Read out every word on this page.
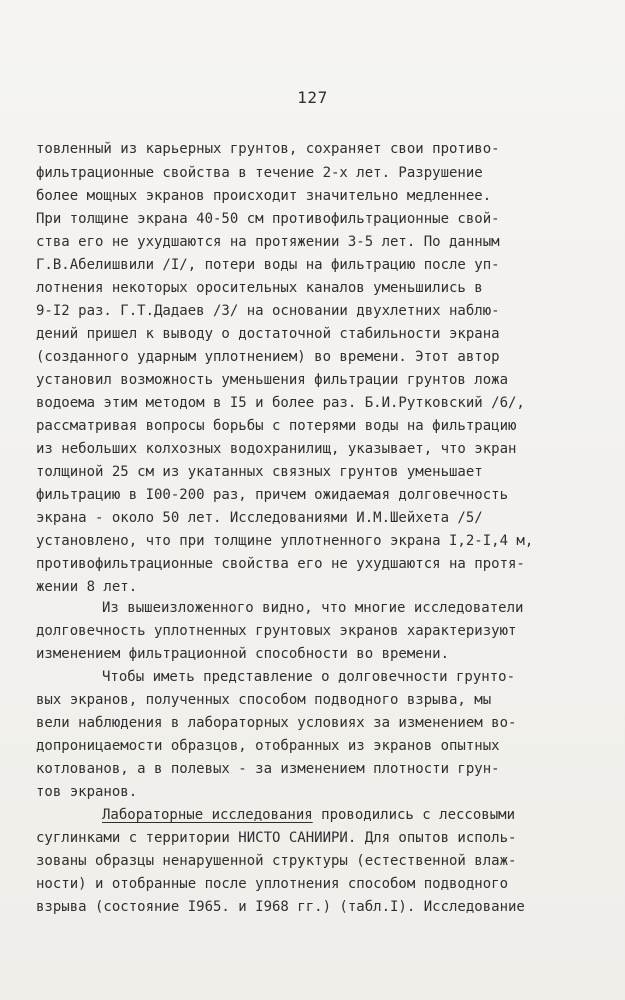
127
товленный из карьерных грунтов, сохраняет свои противо-
фильтрационные свойства в течение 2-х лет. Разрушение
более мощных экранов происходит значительно медленнее.
При толщине экрана 40-50 см противофильтрационные свой-
ства его не ухудшаются на протяжении 3-5 лет. По данным
Г.В.Абелишвили /I/, потери воды на фильтрацию после уп-
лотнения некоторых оросительных каналов уменьшились в
9-I2 раз. Г.Т.Дадаев /3/ на основании двухлетних наблю-
дений пришел к выводу о достаточной стабильности экрана
(созданного ударным уплотнением) во времени. Этот автор
установил возможность уменьшения фильтрации грунтов ложа
водоема этим методом в I5 и более раз. Б.И.Рутковский /6/,
рассматривая вопросы борьбы с потерями воды на фильтрацию
из небольших колхозных водохранилищ, указывает, что экран
толщиной 25 см из укатанных связных грунтов уменьшает
фильтрацию в I00-200 раз, причем ожидаемая долговечность
экрана - около 50 лет. Исследованиями И.М.Шейхета /5/
установлено, что при толщине уплотненного экрана I,2-I,4 м,
противофильтрационные свойства его не ухудшаются на протя-
жении 8 лет.
Из вышеизложенного видно, что многие исследователи
долговечность уплотненных грунтовых экранов характеризуют
изменением фильтрационной способности во времени.
Чтобы иметь представление о долговечности грунто-
вых экранов, полученных способом подводного взрыва, мы
вели наблюдения в лабораторных условиях за изменением во-
допроницаемости образцов, отобранных из экранов опытных
котлованов, а в полевых - за изменением плотности грун-
тов экранов.
Лабораторные исследования проводились с лессовыми
суглинками с территории НИСТО САНИИРИ. Для опытов исполь-
зованы образцы ненарушенной структуры (естественной влаж-
ности) и отобранные после уплотнения способом подводного
взрыва (состояние I965. и I968 гг.) (табл.I). Исследование
